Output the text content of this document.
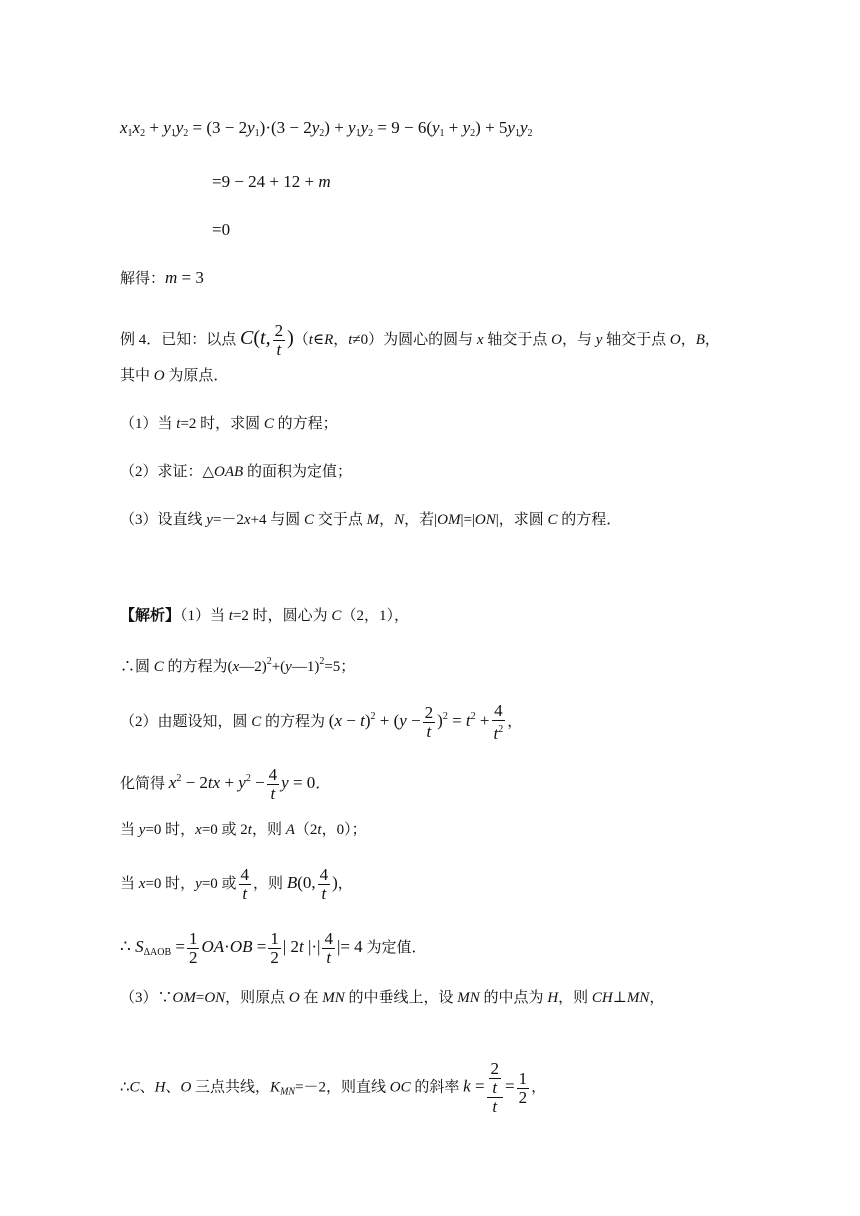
$x_1x_2 + y_1y_2 = (3 - 2y_1)\cdot(3 - 2y_2) + y_1y_2 = 9 - 6(y_1 + y_2) + 5y_1y_2$
=9 − 24 + 12 + m
=0
解得：m = 3
例 4．已知：以点 C(t, $\frac{2}{t}$ )（t∈R，t≠0）为圆心的圆与 x 轴交于点 O，与 y 轴交于点 O，B，
其中 O 为原点．
（1）当 t=2 时，求圆 C 的方程；
（2）求证：△OAB 的面积为定值；
（3）设直线 y=－2x+4 与圆 C 交于点 M，N，若|OM|=|ON|，求圆 C 的方程．
【解析】（1）当 t=2 时，圆心为 C（2，1），
∴圆 C 的方程为(x—2)$^2$+(y—1)$^2$=5；
（2）由题设知，圆 C 的方程为 $(x - t)^2 + (y - \frac{2}{t} )^2 = t^2 + \frac{4}{t^2}$ ，
化简得 $x^2 - 2tx + y^2 - \frac{4}{t}$ y = 0．
当 y=0 时，x=0 或 2t，则 A（2t，0）；
当 x=0 时，y=0 或 $\frac{4}{t}$ ，则 B(0, $\frac{4}{t}$ )，
∴ $S_{\Delta AOB} = \frac{1}{2} OA\cdot OB = \frac{1}{2}$ | 2t |·| $\frac{4}{t}$ |= 4 为定值．
（3）∵OM=ON，则原点 O 在 MN 的中垂线上，设 MN 的中点为 H，则 CH⊥MN，
∴C、H、O 三点共线，$K_{MN}=-2$，则直线 OC 的斜率 $k = \frac{\frac{2}{t}}{t} = \frac{1}{2}$ ，
